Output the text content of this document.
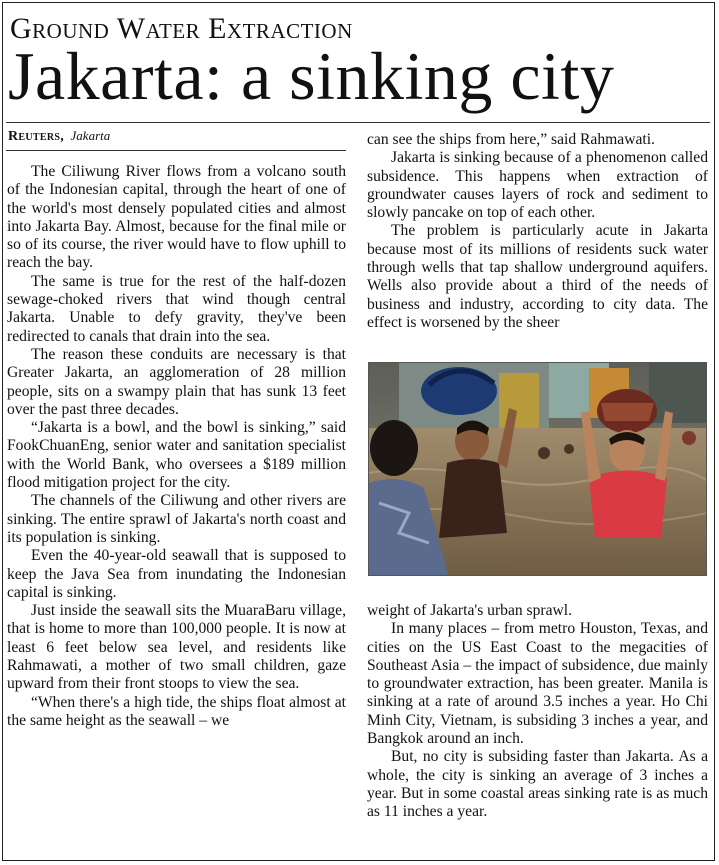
Ground Water Extraction
Jakarta: a sinking city
Reuters, Jakarta

The Ciliwung River flows from a volcano south of the Indonesian capital, through the heart of one of the world's most densely populated cities and almost into Jakarta Bay. Almost, because for the final mile or so of its course, the river would have to flow uphill to reach the bay.

The same is true for the rest of the half-dozen sewage-choked rivers that wind though central Jakarta. Unable to defy gravity, they've been redirected to canals that drain into the sea.

The reason these conduits are necessary is that Greater Jakarta, an agglomeration of 28 million people, sits on a swampy plain that has sunk 13 feet over the past three decades.

“Jakarta is a bowl, and the bowl is sinking,” said FookChuanEng, senior water and sanitation specialist with the World Bank, who oversees a $189 million flood mitigation project for the city.

The channels of the Ciliwung and other rivers are sinking. The entire sprawl of Jakarta's north coast and its population is sinking.

Even the 40-year-old seawall that is supposed to keep the Java Sea from inundating the Indonesian capital is sinking.

Just inside the seawall sits the MuaraBaru village, that is home to more than 100,000 people. It is now at least 6 feet below sea level, and residents like Rahmawati, a mother of two small children, gaze upward from their front stoops to view the sea.

“When there's a high tide, the ships float almost at the same height as the seawall – we

can see the ships from here,” said Rahmawati.

Jakarta is sinking because of a phenomenon called subsidence. This happens when extraction of groundwater causes layers of rock and sediment to slowly pancake on top of each other.

The problem is particularly acute in Jakarta because most of its millions of residents suck water through wells that tap shallow underground aquifers. Wells also provide about a third of the needs of business and industry, according to city data. The effect is worsened by the sheer

weight of Jakarta's urban sprawl.

In many places – from metro Houston, Texas, and cities on the US East Coast to the megacities of Southeast Asia – the impact of subsidence, due mainly to groundwater extraction, has been greater. Manila is sinking at a rate of around 3.5 inches a year. Ho Chi Minh City, Vietnam, is subsiding 3 inches a year, and Bangkok around an inch.

But, no city is subsiding faster than Jakarta. As a whole, the city is sinking an average of 3 inches a year. But in some coastal areas sinking rate is as much as 11 inches a year.
